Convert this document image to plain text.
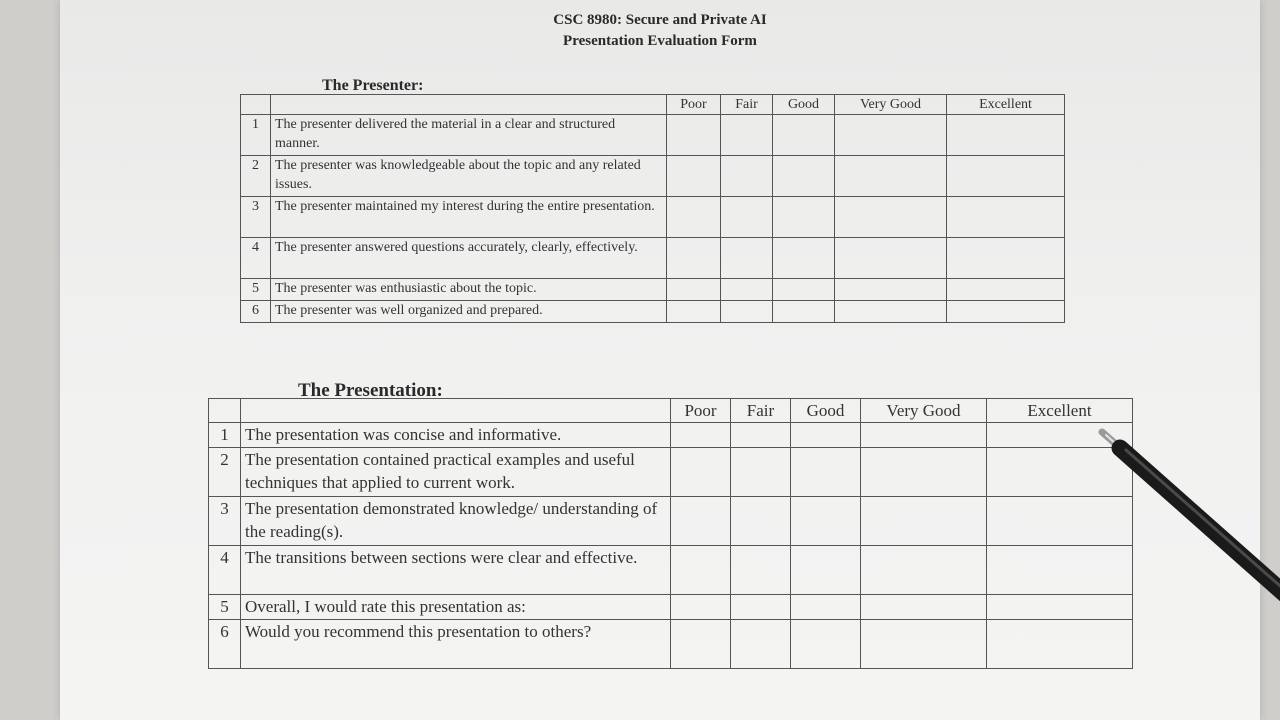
CSC 8980: Secure and Private AI
Presentation Evaluation Form
The Presenter:
		Poor	Fair	Good	Very Good	Excellent
1	The presenter delivered the material in a clear and structured manner.					
2	The presenter was knowledgeable about the topic and any related issues.					
3	The presenter maintained my interest during the entire presentation.					
4	The presenter answered questions accurately, clearly, effectively.					
5	The presenter was enthusiastic about the topic.					
6	The presenter was well organized and prepared.					
The Presentation:
		Poor	Fair	Good	Very Good	Excellent
1	The presentation was concise and informative.					
2	The presentation contained practical examples and useful techniques that applied to current work.					
3	The presentation demonstrated knowledge/ understanding of the reading(s).					
4	The transitions between sections were clear and effective.					
5	Overall, I would rate this presentation as:					
6	Would you recommend this presentation to others?					
